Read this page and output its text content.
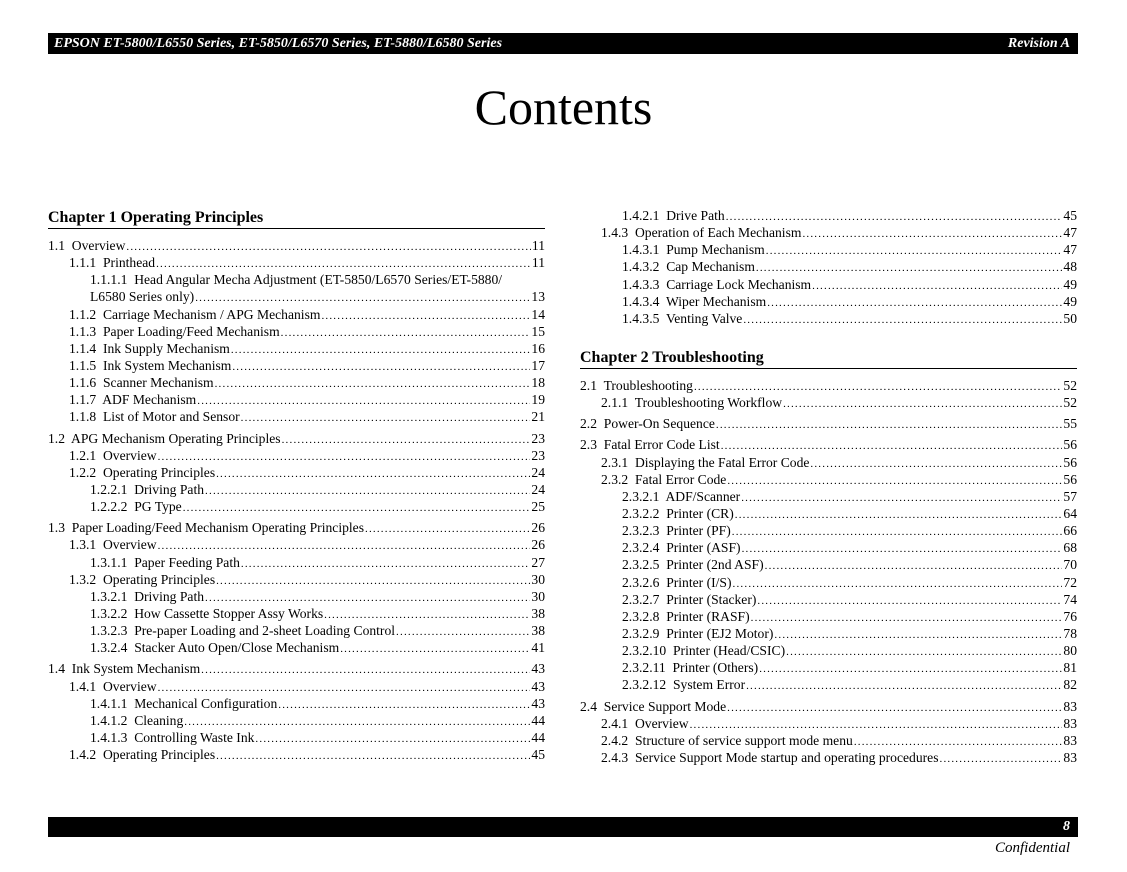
EPSON ET-5800/L6550 Series, ET-5850/L6570 Series, ET-5880/L6580 Series	Revision A
Contents
Chapter 1 Operating Principles
1.1 Overview .....	11
1.1.1 Printhead .....	11
1.1.1.1 Head Angular Mecha Adjustment (ET-5850/L6570 Series/ET-5880/
L6580 Series only) .....	13
1.1.2 Carriage Mechanism / APG Mechanism .....	14
1.1.3 Paper Loading/Feed Mechanism .....	15
1.1.4 Ink Supply Mechanism .....	16
1.1.5 Ink System Mechanism .....	17
1.1.6 Scanner Mechanism .....	18
1.1.7 ADF Mechanism .....	19
1.1.8 List of Motor and Sensor .....	21
1.2 APG Mechanism Operating Principles .....	23
1.2.1 Overview .....	23
1.2.2 Operating Principles .....	24
1.2.2.1 Driving Path .....	24
1.2.2.2 PG Type .....	25
1.3 Paper Loading/Feed Mechanism Operating Principles .....	26
1.3.1 Overview .....	26
1.3.1.1 Paper Feeding Path .....	27
1.3.2 Operating Principles .....	30
1.3.2.1 Driving Path .....	30
1.3.2.2 How Cassette Stopper Assy Works .....	38
1.3.2.3 Pre-paper Loading and 2-sheet Loading Control .....	38
1.3.2.4 Stacker Auto Open/Close Mechanism .....	41
1.4 Ink System Mechanism .....	43
1.4.1 Overview .....	43
1.4.1.1 Mechanical Configuration .....	43
1.4.1.2 Cleaning .....	44
1.4.1.3 Controlling Waste Ink .....	44
1.4.2 Operating Principles .....	45
1.4.2.1 Drive Path .....	45
1.4.3 Operation of Each Mechanism .....	47
1.4.3.1 Pump Mechanism .....	47
1.4.3.2 Cap Mechanism .....	48
1.4.3.3 Carriage Lock Mechanism .....	49
1.4.3.4 Wiper Mechanism .....	49
1.4.3.5 Venting Valve .....	50
Chapter 2 Troubleshooting
2.1 Troubleshooting .....	52
2.1.1 Troubleshooting Workflow .....	52
2.2 Power-On Sequence .....	55
2.3 Fatal Error Code List .....	56
2.3.1 Displaying the Fatal Error Code .....	56
2.3.2 Fatal Error Code .....	56
2.3.2.1 ADF/Scanner .....	57
2.3.2.2 Printer (CR) .....	64
2.3.2.3 Printer (PF) .....	66
2.3.2.4 Printer (ASF) .....	68
2.3.2.5 Printer (2nd ASF) .....	70
2.3.2.6 Printer (I/S) .....	72
2.3.2.7 Printer (Stacker) .....	74
2.3.2.8 Printer (RASF) .....	76
2.3.2.9 Printer (EJ2 Motor) .....	78
2.3.2.10 Printer (Head/CSIC) .....	80
2.3.2.11 Printer (Others) .....	81
2.3.2.12 System Error .....	82
2.4 Service Support Mode .....	83
2.4.1 Overview .....	83
2.4.2 Structure of service support mode menu .....	83
2.4.3 Service Support Mode startup and operating procedures .....	83
8
Confidential
